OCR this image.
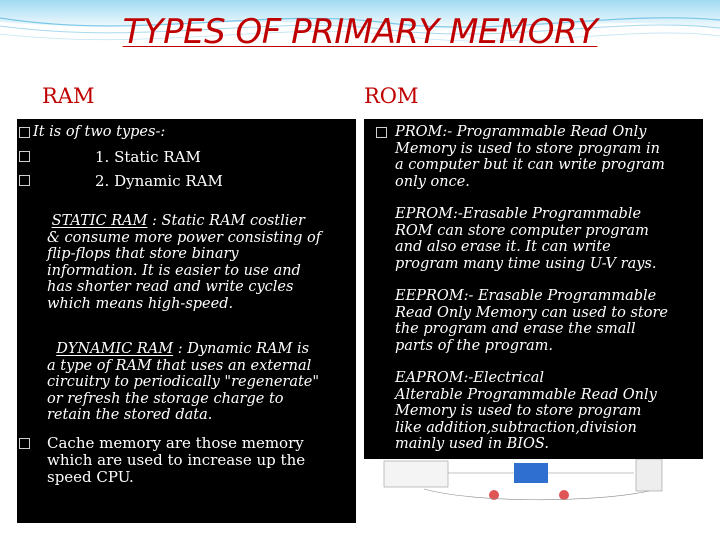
TYPES OF PRIMARY MEMORY
RAM	ROM
It is of two types-:
1. Static RAM
2. Dynamic RAM

STATIC RAM : Static RAM costlier

& consume more power consisting of

flip-flops that store binary

information. It is easier to use and

has shorter read and write cycles

which means high-speed.

DYNAMIC RAM : Dynamic RAM is

a type of RAM that uses an external

circuitry to periodically "regenerate"

or refresh the storage charge to

retain the stored data.

Cache memory are those memory

which are used to increase up the

speed CPU.

PROM:- Programmable Read Only

Memory is used to store program in

a computer but it can write program

only once.

EPROM:-Erasable Programmable

ROM can store computer program

and also erase it. It can write

program many time using U-V rays.

EEPROM:- Erasable Programmable

Read Only Memory can used to store

the program and erase the small

parts of the program.

EAPROM:-Electrical

Alterable Programmable Read Only

Memory is used to store program

like addition,subtraction,division

mainly used in BIOS.
